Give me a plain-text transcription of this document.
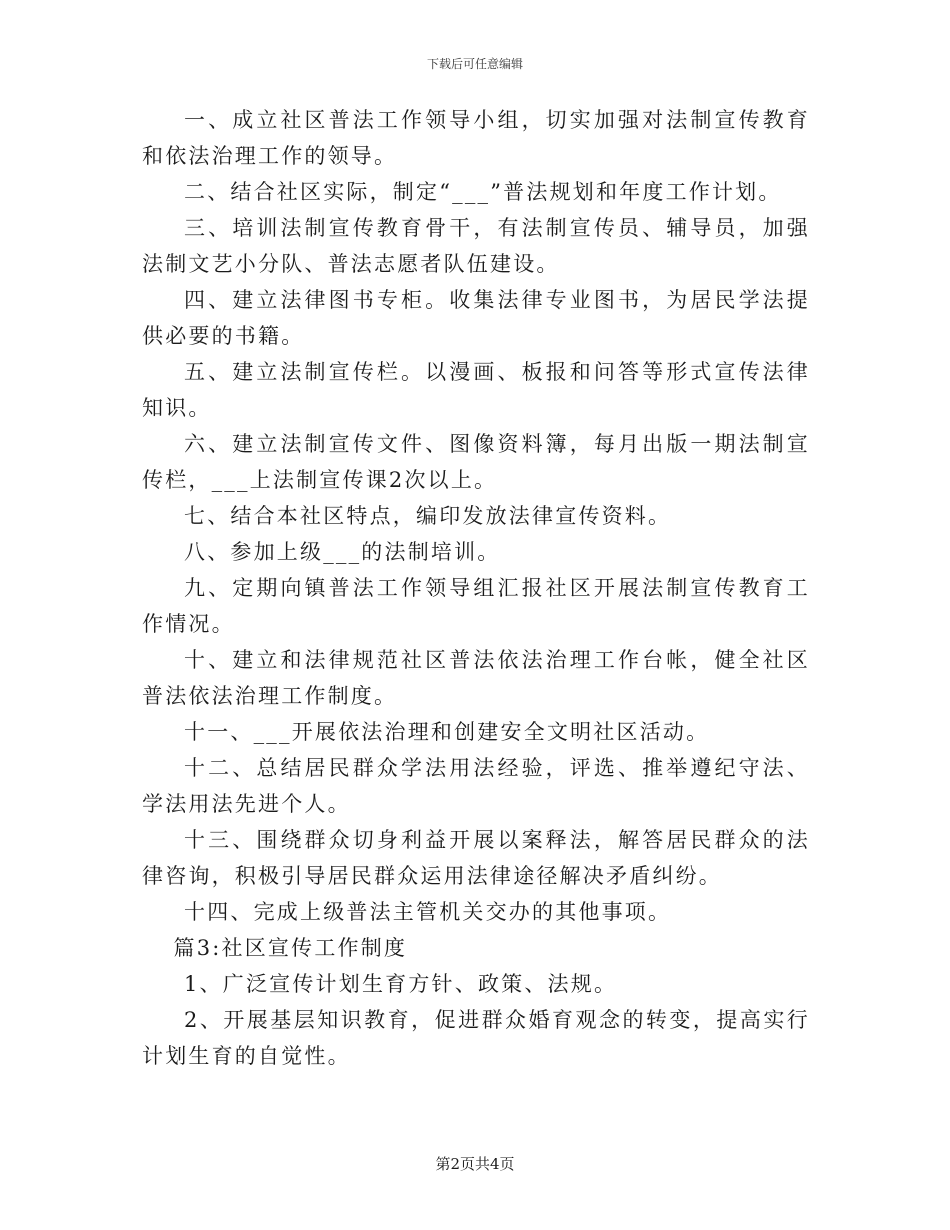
下载后可任意编辑

一、成立社区普法工作领导小组，切实加强对法制宣传教育和依法治理工作的领导。

二、结合社区实际，制定“___”普法规划和年度工作计划。

三、培训法制宣传教育骨干，有法制宣传员、辅导员，加强法制文艺小分队、普法志愿者队伍建设。

四、建立法律图书专柜。收集法律专业图书，为居民学法提供必要的书籍。

五、建立法制宣传栏。以漫画、板报和问答等形式宣传法律知识。

六、建立法制宣传文件、图像资料簿，每月出版一期法制宣传栏，___上法制宣传课2次以上。

七、结合本社区特点，编印发放法律宣传资料。

八、参加上级___的法制培训。

九、定期向镇普法工作领导组汇报社区开展法制宣传教育工作情况。

十、建立和法律规范社区普法依法治理工作台帐，健全社区普法依法治理工作制度。

十一、___开展依法治理和创建安全文明社区活动。

十二、总结居民群众学法用法经验，评选、推举遵纪守法、学法用法先进个人。

十三、围绕群众切身利益开展以案释法，解答居民群众的法律咨询，积极引导居民群众运用法律途径解决矛盾纠纷。

十四、完成上级普法主管机关交办的其他事项。

篇3:社区宣传工作制度

1、广泛宣传计划生育方针、政策、法规。

2、开展基层知识教育，促进群众婚育观念的转变，提高实行计划生育的自觉性。

第2页共4页
